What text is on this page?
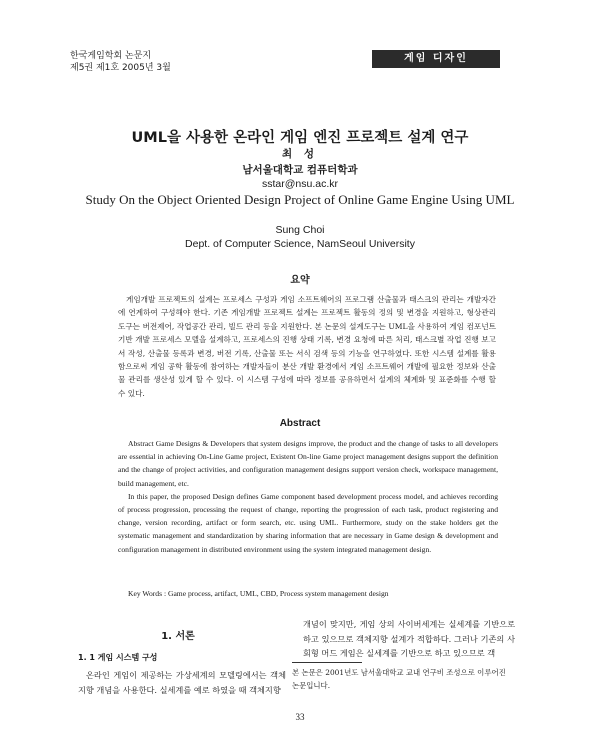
한국게임학회 논문지
제5권 제1호 2005년 3월
게임 디자인
UML을 사용한 온라인 게임 엔진 프로젝트 설계 연구
최 성
남서울대학교 컴퓨터학과
sstar@nsu.ac.kr
Study On the Object Oriented Design Project of Online Game Engine Using UML
Sung Choi
Dept. of Computer Science, NamSeoul University
요약
게임개발 프로젝트의 설계는 프로세스 구성과 게임 소프트웨어의 프로그램 산출물과 태스크의 관리는 개발자간에 연계하여 구성해야 한다. 기존 게임개발 프로젝트 설계는 프로젝트 활동의 정의 및 변경을 지원하고, 형상관리 도구는 버전제어, 작업공간 관리, 빌드 관리 등을 지원한다. 본 논문의 설계도구는 UML을 사용하여 게임 컴포넌트 기반 개발 프로세스 모델을 설계하고, 프로세스의 진행 상태 기록, 변경 요청에 따른 처리, 태스크별 작업 진행 보고서 작성, 산출물 등록과 변경, 버전 기록, 산출물 또는 서식 검색 등의 기능을 연구하였다. 또한 시스템 설계를 활용함으로써 게임 공학 활동에 참여하는 개발자들이 분산 개발 환경에서 게임 소프트웨어 개발에 필요한 정보와 산출물 관리를 생산성 있게 할 수 있다. 이 시스템 구성에 따라 정보를 공유하면서 설계의 체계화 및 표준화를 수행 할 수 있다.
Abstract

Abstract Game Designs & Developers that system designs improve, the product and the change of tasks to all developers are essential in achieving On-Line Game project, Existent On-line Game project management designs support the definition and the change of project activities, and configuration management designs support version check, workspace management, build management, etc.

In this paper, the proposed Design defines Game component based development process model, and achieves recording of process progression, processing the request of change, reporting the progression of each task, product registering and change, version recording, artifact or form search, etc. using UML. Furthermore, study on the stake holders get the systematic management and standardization by sharing information that are necessary in Game design & development and configuration management in distributed environment using the system integrated management design.

Key Words : Game process, artifact, UML, CBD, Process system management design
1. 서론
1. 1 게임 시스템 구성
온라인 게임이 제공하는 가상세계의 모델링에서는 객체지향 개념을 사용한다. 실세계를 예로 하였을 때 객체지향
개념이 맞지만, 게임 상의 사이버세계는 실세계를 기반으로 하고 있으므로 객체지향 설계가 적합하다. 그러나 기존의 사회형 머드 게임은 실세계를 기반으로 하고 있으므로 객
본 논문은 2001년도 남서울대학교 교내 연구비 조성으로 이루어진 논문입니다.
33
